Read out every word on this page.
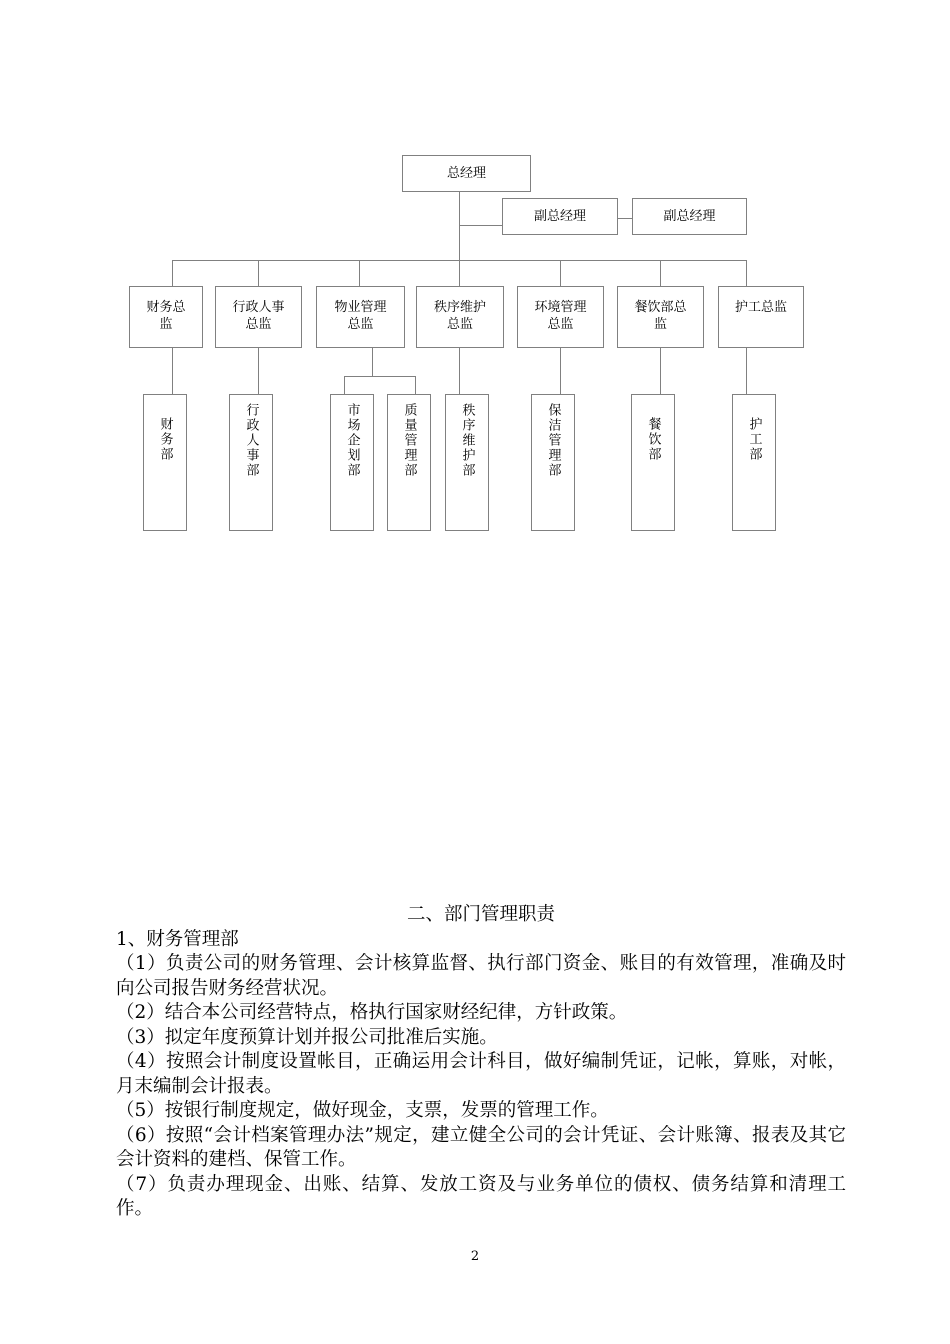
总经理
副总经理	副总经理
财务总监
行政人事总监
物业管理总监
秩序维护总监
环境管理总监
餐饮部总监
护工总监
财务部	行政人事部	市场企划部	质量管理部	秩序维护部	保洁管理部	餐饮部	护工部

二、部门管理职责

1、财务管理部

（1）负责公司的财务管理、会计核算监督、执行部门资金、账目的有效管理，准确及时向公司报告财务经营状况。

（2）结合本公司经营特点，格执行国家财经纪律，方针政策。

（3）拟定年度预算计划并报公司批准后实施。

（4）按照会计制度设置帐目，正确运用会计科目，做好编制凭证，记帐，算账，对帐，月末编制会计报表。

（5）按银行制度规定，做好现金，支票，发票的管理工作。

（6）按照“会计档案管理办法”规定，建立健全公司的会计凭证、会计账簿、报表及其它会计资料的建档、保管工作。

（7）负责办理现金、出账、结算、发放工资及与业务单位的债权、债务结算和清理工作。

2
